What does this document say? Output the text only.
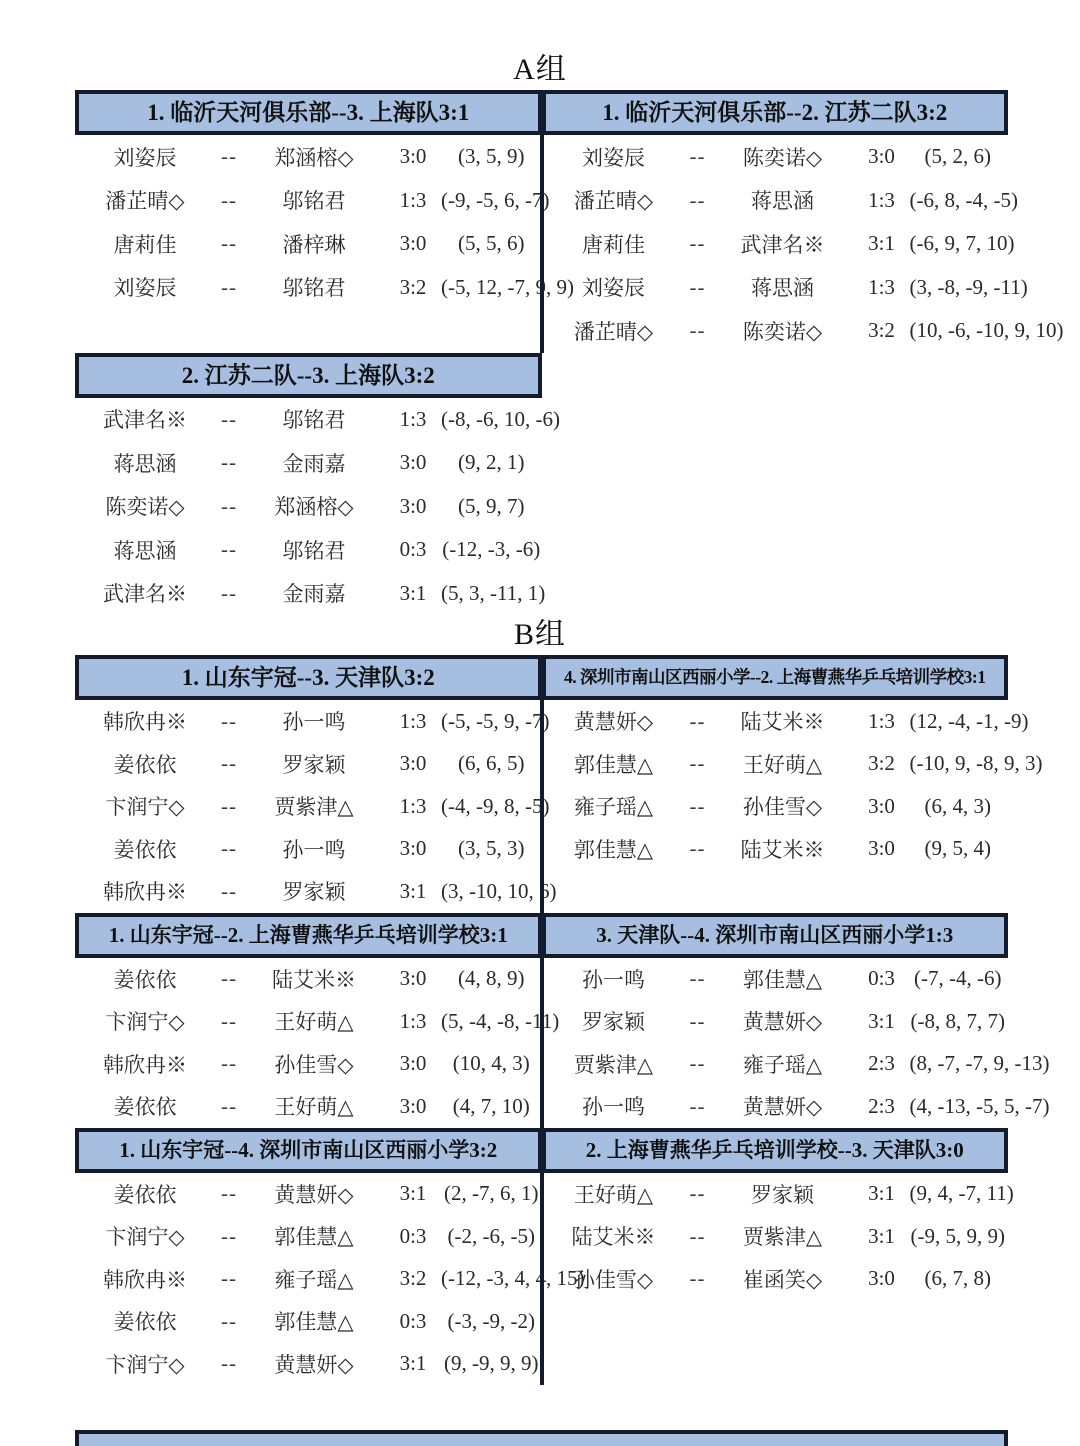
A组
1. 临沂天河俱乐部--3. 上海队3:1	1. 临沂天河俱乐部--2. 江苏二队3:2
刘姿辰 -- 郑涵榕◇ 3:0 (3, 5, 9)
潘芷晴◇ -- 邬铭君	1:3 (-9, -5, 6, -7)
唐莉佳 -- 潘梓琳	3:0 (5, 5, 6)
刘姿辰 -- 邬铭君	3:2 (-5, 12, -7, 9, 9)
刘姿辰 -- 陈奕诺◇ 3:0 (5, 2, 6)
潘芷晴◇ -- 蒋思涵	1:3 (-6, 8, -4, -5)
唐莉佳 -- 武津名※ 3:1 (-6, 9, 7, 10)
刘姿辰 -- 蒋思涵	1:3 (3, -8, -9, -11)
潘芷晴◇ -- 陈奕诺◇ 3:2 (10, -6, -10, 9, 10)
2. 江苏二队--3. 上海队3:2
武津名※ -- 邬铭君	1:3 (-8, -6, 10, -6)
蒋思涵 -- 金雨嘉	3:0 (9, 2, 1)
陈奕诺◇ -- 郑涵榕◇ 3:0 (5, 9, 7)
蒋思涵 -- 邬铭君	0:3 (-12, -3, -6)
武津名※ -- 金雨嘉	3:1 (5, 3, -11, 1)
B组
1. 山东宇冠--3. 天津队3:2	4. 深圳市南山区西丽小学--2. 上海曹燕华乒乓培训学校3:1
韩欣冉※ -- 孙一鸣	1:3 (-5, -5, 9, -7)
姜依依 -- 罗家颖	3:0 (6, 6, 5)
卞润宁◇ -- 贾紫津△ 1:3 (-4, -9, 8, -5)
姜依依 -- 孙一鸣	3:0 (3, 5, 3)
韩欣冉※ -- 罗家颖	3:1 (3, -10, 10, 6)
黄慧妍◇ -- 陆艾米※ 1:3 (12, -4, -1, -9)
郭佳慧△ -- 王好萌△ 3:2 (-10, 9, -8, 9, 3)
雍子瑶△ -- 孙佳雪◇ 3:0 (6, 4, 3)
郭佳慧△ -- 陆艾米※ 3:0 (9, 5, 4)
1. 山东宇冠--2. 上海曹燕华乒乓培训学校3:1	3. 天津队--4. 深圳市南山区西丽小学1:3
姜依依 -- 陆艾米※ 3:0 (4, 8, 9)
卞润宁◇ -- 王好萌△ 1:3 (5, -4, -8, -11)
韩欣冉※ -- 孙佳雪◇ 3:0 (10, 4, 3)
姜依依 -- 王好萌△ 3:0 (4, 7, 10)
孙一鸣 -- 郭佳慧△ 0:3 (-7, -4, -6)
罗家颖 -- 黄慧妍◇ 3:1 (-8, 8, 7, 7)
贾紫津△ -- 雍子瑶△ 2:3 (8, -7, -7, 9, -13)
孙一鸣 -- 黄慧妍◇ 2:3 (4, -13, -5, 5, -7)
1. 山东宇冠--4. 深圳市南山区西丽小学3:2	2. 上海曹燕华乒乓培训学校--3. 天津队3:0
姜依依 -- 黄慧妍◇ 3:1 (2, -7, 6, 1)
卞润宁◇ -- 郭佳慧△ 0:3 (-2, -6, -5)
韩欣冉※ -- 雍子瑶△ 3:2 (-12, -3, 4, 4, 15)
姜依依 -- 郭佳慧△ 0:3 (-3, -9, -2)
卞润宁◇ -- 黄慧妍◇ 3:1 (9, -9, 9, 9)
王好萌△ -- 罗家颖	3:1 (9, 4, -7, 11)
陆艾米※ -- 贾紫津△ 3:1 (-9, 5, 9, 9)
孙佳雪◇ -- 崔函笑◇ 3:0 (6, 7, 8)
